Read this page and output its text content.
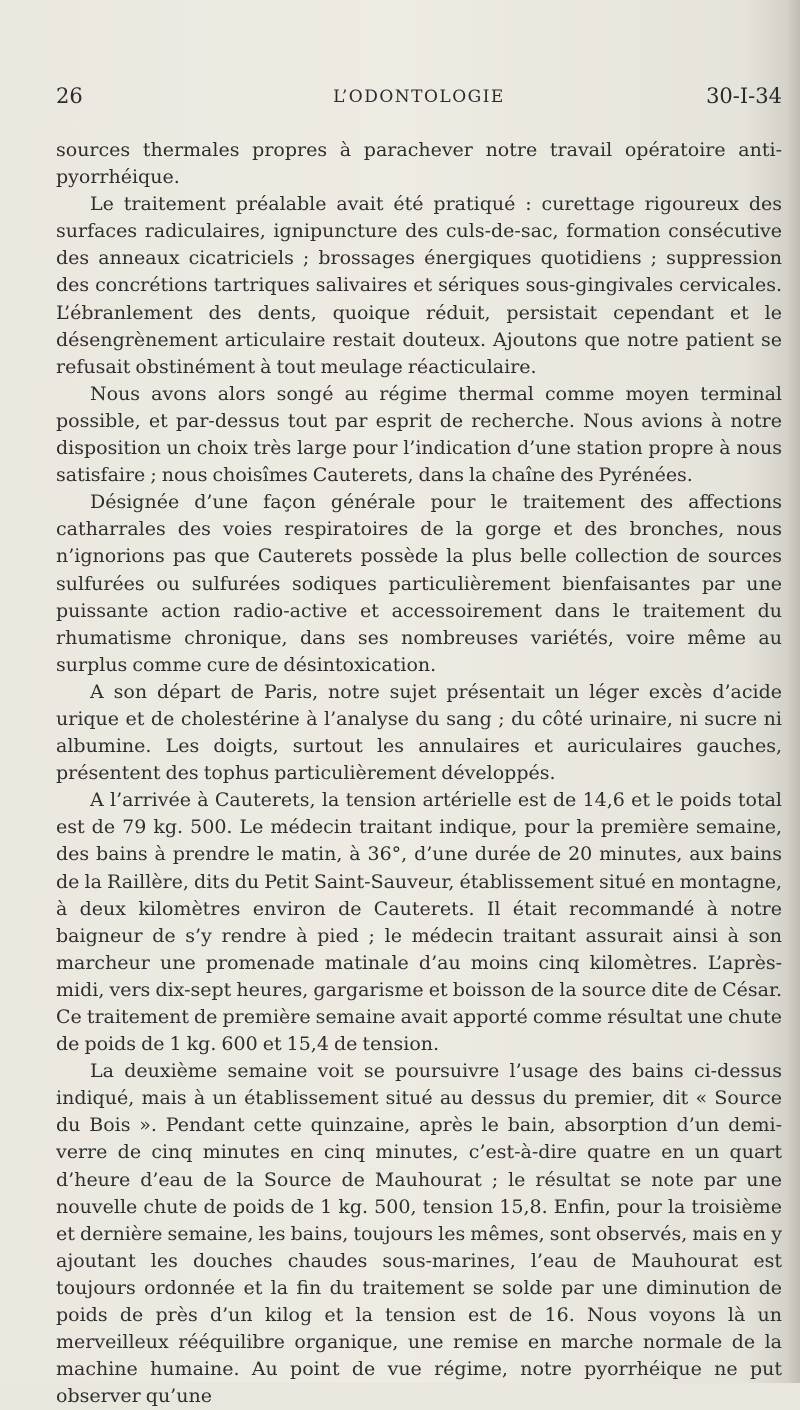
26	L’ODONTOLOGIE	30-I-34

sources thermales propres à parachever notre travail opératoire anti-pyorrhéique.

Le traitement préalable avait été pratiqué : curettage rigoureux des surfaces radiculaires, ignipuncture des culs-de-sac, formation consécutive des anneaux cicatriciels ; brossages énergiques quotidiens ; suppression des concrétions tartriques salivaires et sériques sous-gingivales cervicales. L’ébranlement des dents, quoique réduit, persistait cependant et le désengrènement articulaire restait douteux. Ajoutons que notre patient se refusait obstinément à tout meulage réacticulaire.

Nous avons alors songé au régime thermal comme moyen terminal possible, et par-dessus tout par esprit de recherche. Nous avions à notre disposition un choix très large pour l’indication d’une station propre à nous satisfaire ; nous choisîmes Cauterets, dans la chaîne des Pyrénées.

Désignée d’une façon générale pour le traitement des affections catharrales des voies respiratoires de la gorge et des bronches, nous n’ignorions pas que Cauterets possède la plus belle collection de sources sulfurées ou sulfurées sodiques particulièrement bienfaisantes par une puissante action radio-active et accessoirement dans le traitement du rhumatisme chronique, dans ses nombreuses variétés, voire même au surplus comme cure de désintoxication.

A son départ de Paris, notre sujet présentait un léger excès d’acide urique et de cholestérine à l’analyse du sang ; du côté urinaire, ni sucre ni albumine. Les doigts, surtout les annulaires et auriculaires gauches, présentent des tophus particulièrement développés.

A l’arrivée à Cauterets, la tension artérielle est de 14,6 et le poids total est de 79 kg. 500. Le médecin traitant indique, pour la première semaine, des bains à prendre le matin, à 36°, d’une durée de 20 minutes, aux bains de la Raillère, dits du Petit Saint-Sauveur, établissement situé en montagne, à deux kilomètres environ de Cauterets. Il était recommandé à notre baigneur de s’y rendre à pied ; le médecin traitant assurait ainsi à son marcheur une promenade matinale d’au moins cinq kilomètres. L’après-midi, vers dix-sept heures, gargarisme et boisson de la source dite de César. Ce traitement de première semaine avait apporté comme résultat une chute de poids de 1 kg. 600 et 15,4 de tension.

La deuxième semaine voit se poursuivre l’usage des bains ci-dessus indiqué, mais à un établissement situé au dessus du premier, dit « Source du Bois ». Pendant cette quinzaine, après le bain, absorption d’un demi-verre de cinq minutes en cinq minutes, c’est-à-dire quatre en un quart d’heure d’eau de la Source de Mauhourat ; le résultat se note par une nouvelle chute de poids de 1 kg. 500, tension 15,8. Enfin, pour la troisième et dernière semaine, les bains, toujours les mêmes, sont observés, mais en y ajoutant les douches chaudes sous-marines, l’eau de Mauhourat est toujours ordonnée et la fin du traitement se solde par une diminution de poids de près d’un kilog et la tension est de 16. Nous voyons là un merveilleux rééquilibre organique, une remise en marche normale de la machine humaine. Au point de vue régime, notre pyorrhéique ne put observer qu’une
